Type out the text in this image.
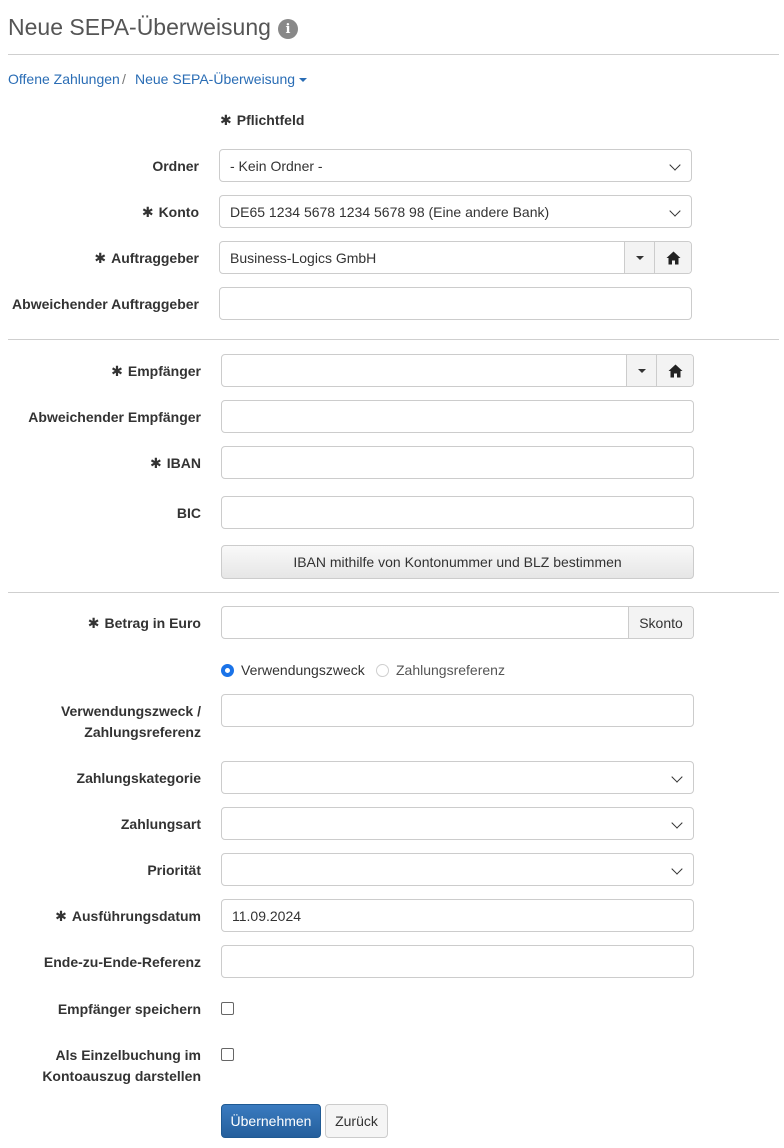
Neue SEPA-Überweisung	i
Offene Zahlungen / Neue SEPA-Überweisung
✱ Pflichtfeld
Ordner - Kein Ordner -
✱ Konto DE65 1234 5678 1234 5678 98 (Eine andere Bank)
✱ Auftraggeber Business-Logics GmbH
Abweichender Auftraggeber
✱ Empfänger
Abweichender Empfänger
✱ IBAN
BIC
IBAN mithilfe von Kontonummer und BLZ bestimmen
✱ Betrag in Euro	Skonto
Verwendungszweck Zahlungsreferenz
Verwendungszweck /
Zahlungsreferenz
Zahlungskategorie
Zahlungsart
Priorität
✱ Ausführungsdatum	11.09.2024
Ende-zu-Ende-Referenz
Empfänger speichern
Als Einzelbuchung im
Kontoauszug darstellen
Übernehmen	Zurück
